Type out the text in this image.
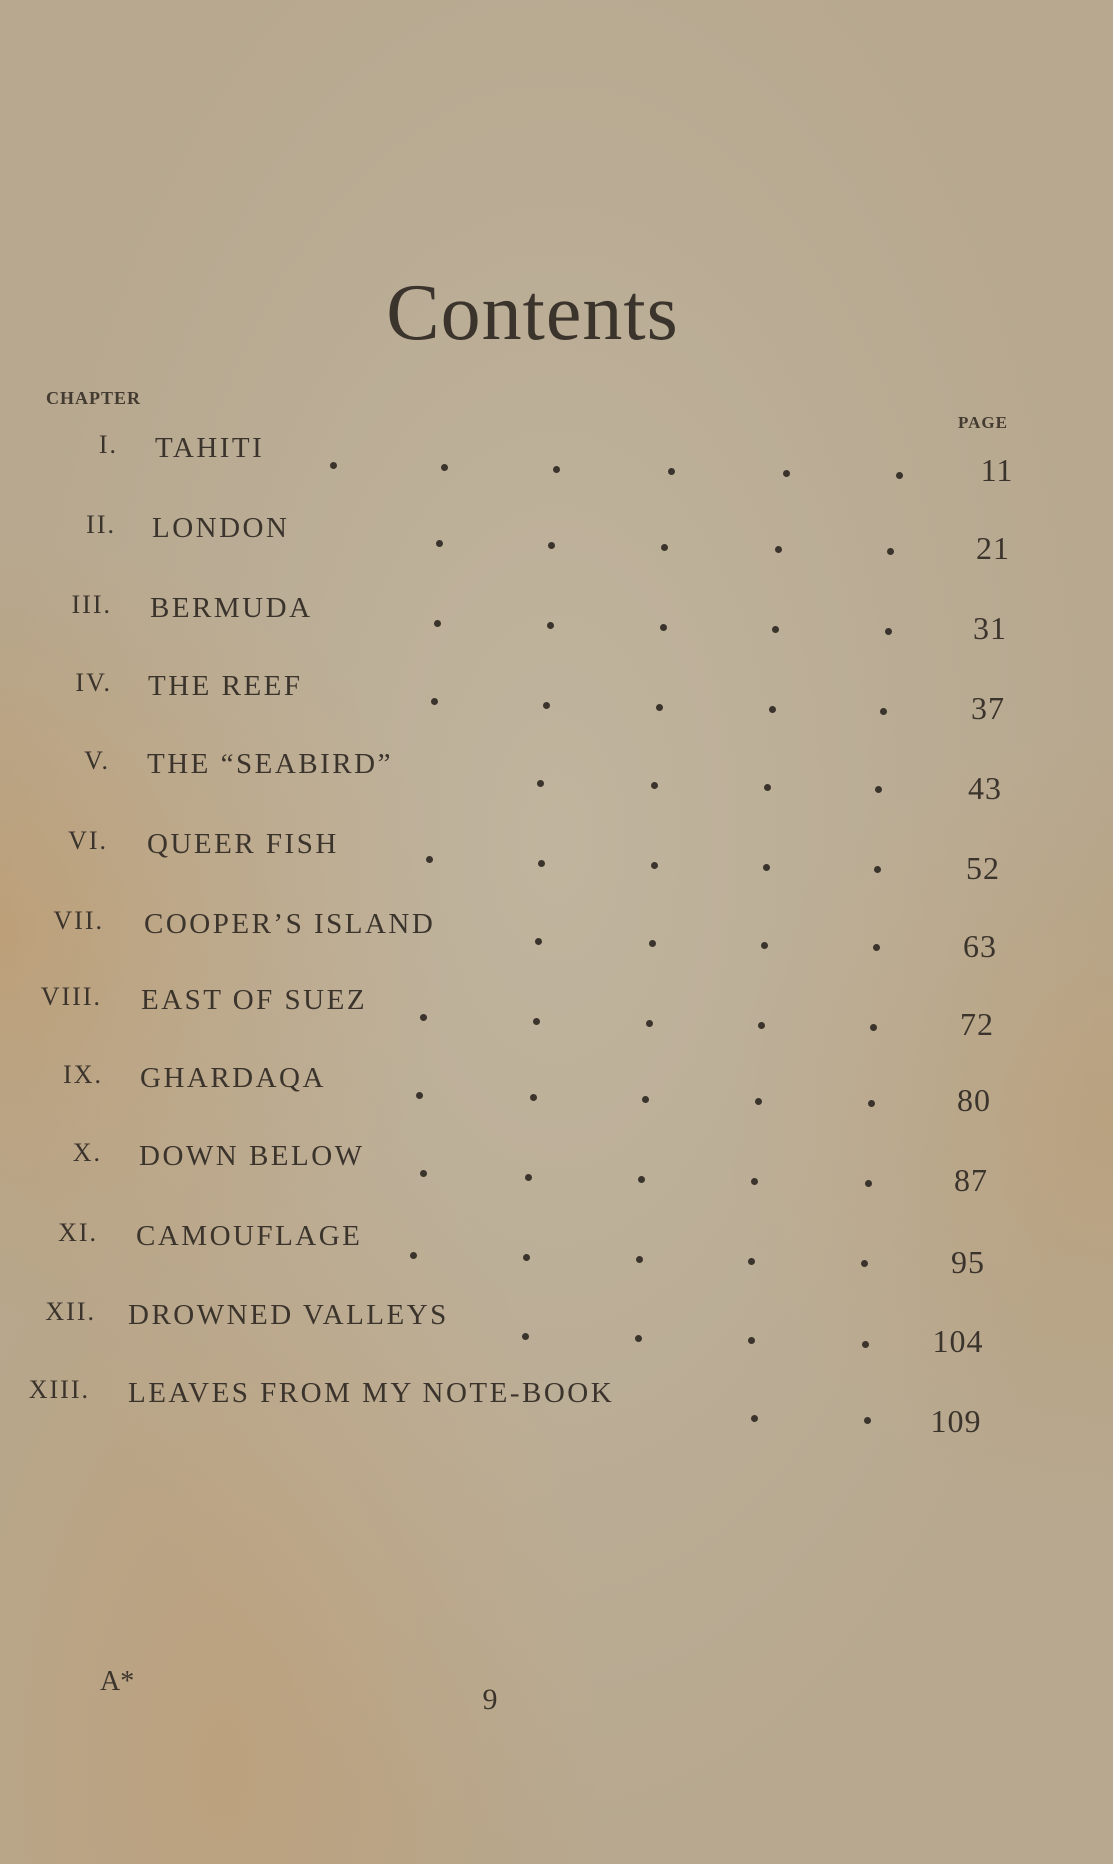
Contents
CHAPTER
PAGE
I. TAHITI
11
II. LONDON
21
III. BERMUDA
31
IV. THE REEF
37
V. THE “SEABIRD”
43
VI. QUEER FISH
52
VII. COOPER’S ISLAND
63
VIII. EAST OF SUEZ
72
IX. GHARDAQA
80
X. DOWN BELOW
87
XI. CAMOUFLAGE
95
XII. DROWNED VALLEYS
104
XIII. LEAVES FROM MY NOTE-BOOK
109
A*
9
